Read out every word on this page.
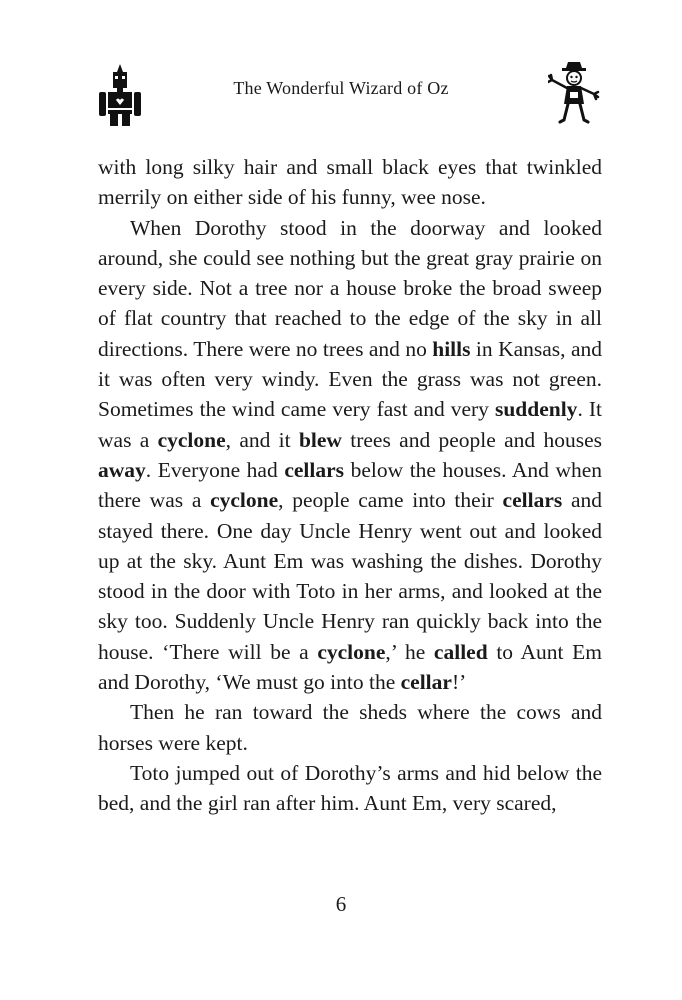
The Wonderful Wizard of Oz

with long silky hair and small black eyes that twinkled merrily on either side of his funny, wee nose.

When Dorothy stood in the doorway and looked around, she could see nothing but the great gray prairie on every side. Not a tree nor a house broke the broad sweep of flat country that reached to the edge of the sky in all directions. There were no trees and no hills in Kansas, and it was often very windy. Even the grass was not green. Sometimes the wind came very fast and very suddenly. It was a cyclone, and it blew trees and people and houses away. Everyone had cellars below the houses. And when there was a cyclone, people came into their cellars and stayed there. One day Uncle Henry went out and looked up at the sky. Aunt Em was washing the dishes. Dorothy stood in the door with Toto in her arms, and looked at the sky too. Suddenly Uncle Henry ran quickly back into the house. ‘There will be a cyclone,’ he called to Aunt Em and Dorothy, ‘We must go into the cellar!’

Then he ran toward the sheds where the cows and horses were kept.

Toto jumped out of Dorothy’s arms and hid below the bed, and the girl ran after him. Aunt Em, very scared,

6
